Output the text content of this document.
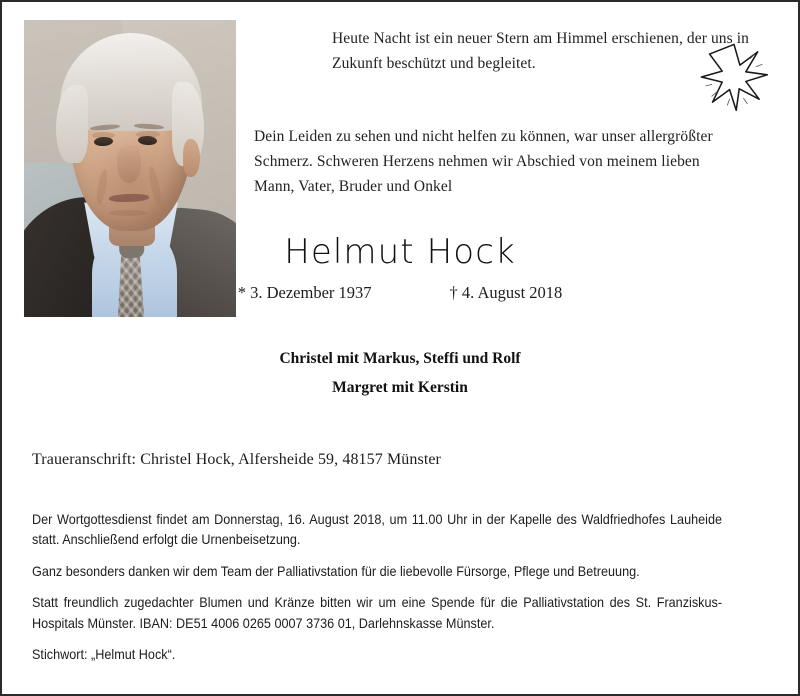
Heute Nacht ist ein neuer Stern am Himmel erschienen, der uns in Zukunft beschützt und begleitet.
Dein Leiden zu sehen und nicht helfen zu können, war unser allergrößter Schmerz. Schweren Herzens nehmen wir Abschied von meinem lieben Mann, Vater, Bruder und Onkel
Helmut Hock
* 3. Dezember 1937	† 4. August 2018
Christel mit Markus, Steffi und Rolf
Margret mit Kerstin
Traueranschrift: Christel Hock, Alfersheide 59, 48157 Münster

Der Wortgottesdienst findet am Donnerstag, 16. August 2018, um 11.00 Uhr in der Kapelle des Waldfriedhofes Lauheide statt. Anschließend erfolgt die Urnenbeisetzung.

Ganz besonders danken wir dem Team der Palliativstation für die liebevolle Fürsorge, Pflege und Betreuung.

Statt freundlich zugedachter Blumen und Kränze bitten wir um eine Spende für die Palliativstation des St. Franziskus-Hospitals Münster. IBAN: DE51 4006 0265 0007 3736 01, Darlehnskasse Münster.

Stichwort: „Helmut Hock“.
